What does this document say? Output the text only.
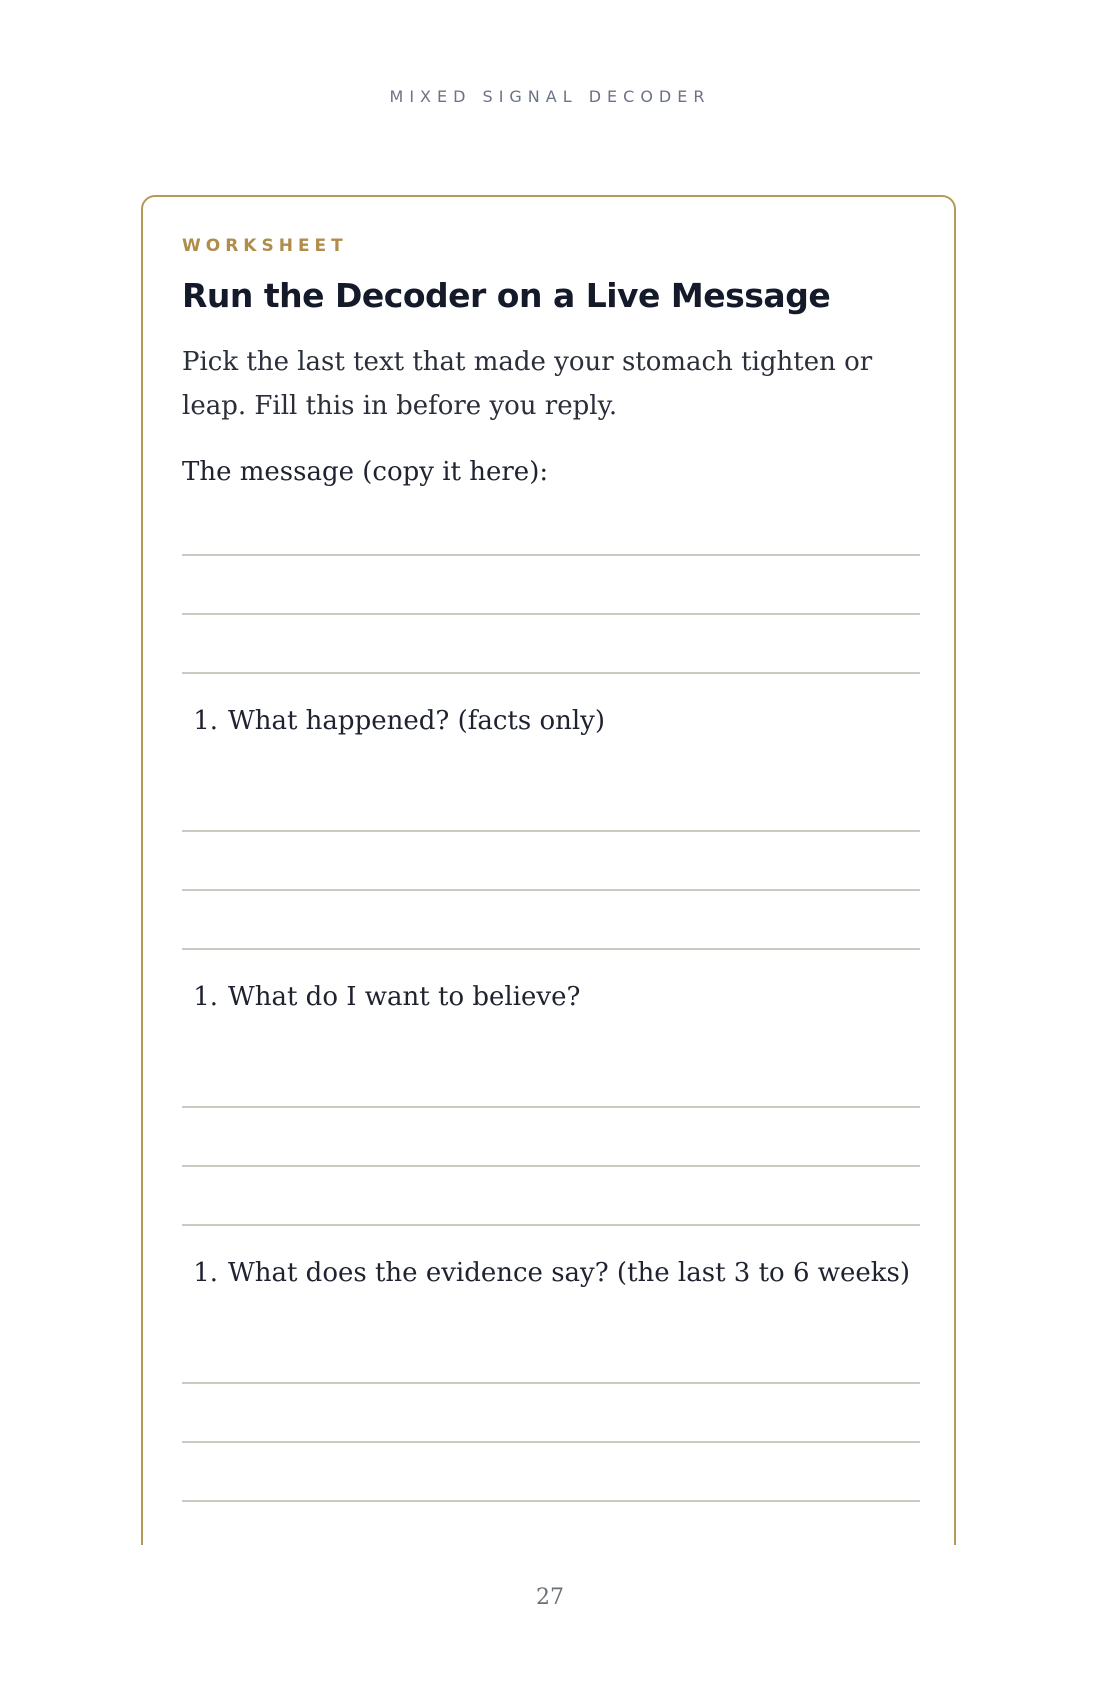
MIXED SIGNAL DECODER
WORKSHEET
Run the Decoder on a Live Message
Pick the last text that made your stomach tighten or leap. Fill this in before you reply.
The message (copy it here):
1. What happened? (facts only)
1. What do I want to believe?
1. What does the evidence say? (the last 3 to 6 weeks)
27
